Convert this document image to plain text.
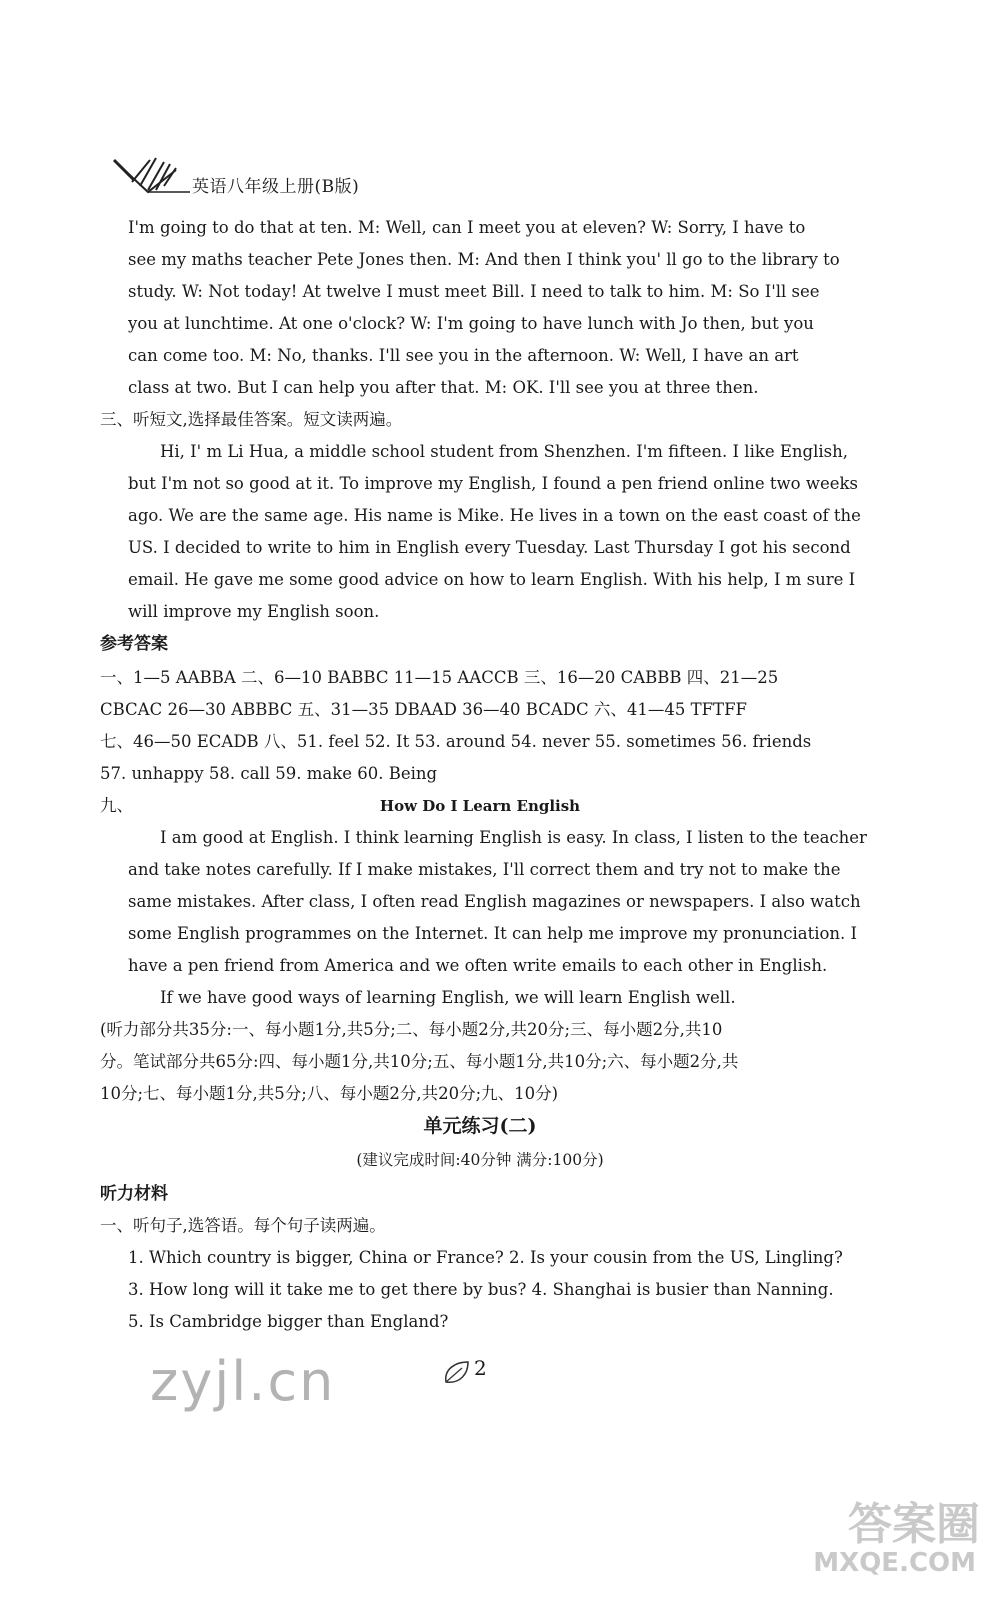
英语八年级上册(B版)
I'm going to do that at ten. M: Well, can I meet you at eleven? W: Sorry, I have to
see my maths teacher Pete Jones then. M: And then I think you' ll go to the library to
study. W: Not today! At twelve I must meet Bill. I need to talk to him. M: So I'll see
you at lunchtime. At one o'clock? W: I'm going to have lunch with Jo then, but you
can come too. M: No, thanks. I'll see you in the afternoon. W: Well, I have an art
class at two. But I can help you after that. M: OK. I'll see you at three then.
三、听短文,选择最佳答案。短文读两遍。
Hi, I' m Li Hua, a middle school student from Shenzhen. I'm fifteen. I like English,
but I'm not so good at it. To improve my English, I found a pen friend online two weeks
ago. We are the same age. His name is Mike. He lives in a town on the east coast of the
US. I decided to write to him in English every Tuesday. Last Thursday I got his second
email. He gave me some good advice on how to learn English. With his help, I m sure I
will improve my English soon.
参考答案
一、1—5 AABBA 二、6—10 BABBC 11—15 AACCB 三、16—20 CABBB 四、21—25
CBCAC 26—30 ABBBC 五、31—35 DBAAD 36—40 BCADC 六、41—45 TFTFF
七、46—50 ECADB 八、51. feel 52. It 53. around 54. never 55. sometimes 56. friends
57. unhappy 58. call 59. make 60. Being
九、	How Do I Learn English
I am good at English. I think learning English is easy. In class, I listen to the teacher
and take notes carefully. If I make mistakes, I'll correct them and try not to make the
same mistakes. After class, I often read English magazines or newspapers. I also watch
some English programmes on the Internet. It can help me improve my pronunciation. I
have a pen friend from America and we often write emails to each other in English.
If we have good ways of learning English, we will learn English well.
(听力部分共35分:一、每小题1分,共5分;二、每小题2分,共20分;三、每小题2分,共10
分。笔试部分共65分:四、每小题1分,共10分;五、每小题1分,共10分;六、每小题2分,共
10分;七、每小题1分,共5分;八、每小题2分,共20分;九、10分)
单元练习(二)
(建议完成时间:40分钟 满分:100分)
听力材料
一、听句子,选答语。每个句子读两遍。
1. Which country is bigger, China or France? 2. Is your cousin from the US, Lingling?
3. How long will it take me to get there by bus? 4. Shanghai is busier than Nanning.
5. Is Cambridge bigger than England?
zyjl.cn	2
答案圈
MXQE.COM
